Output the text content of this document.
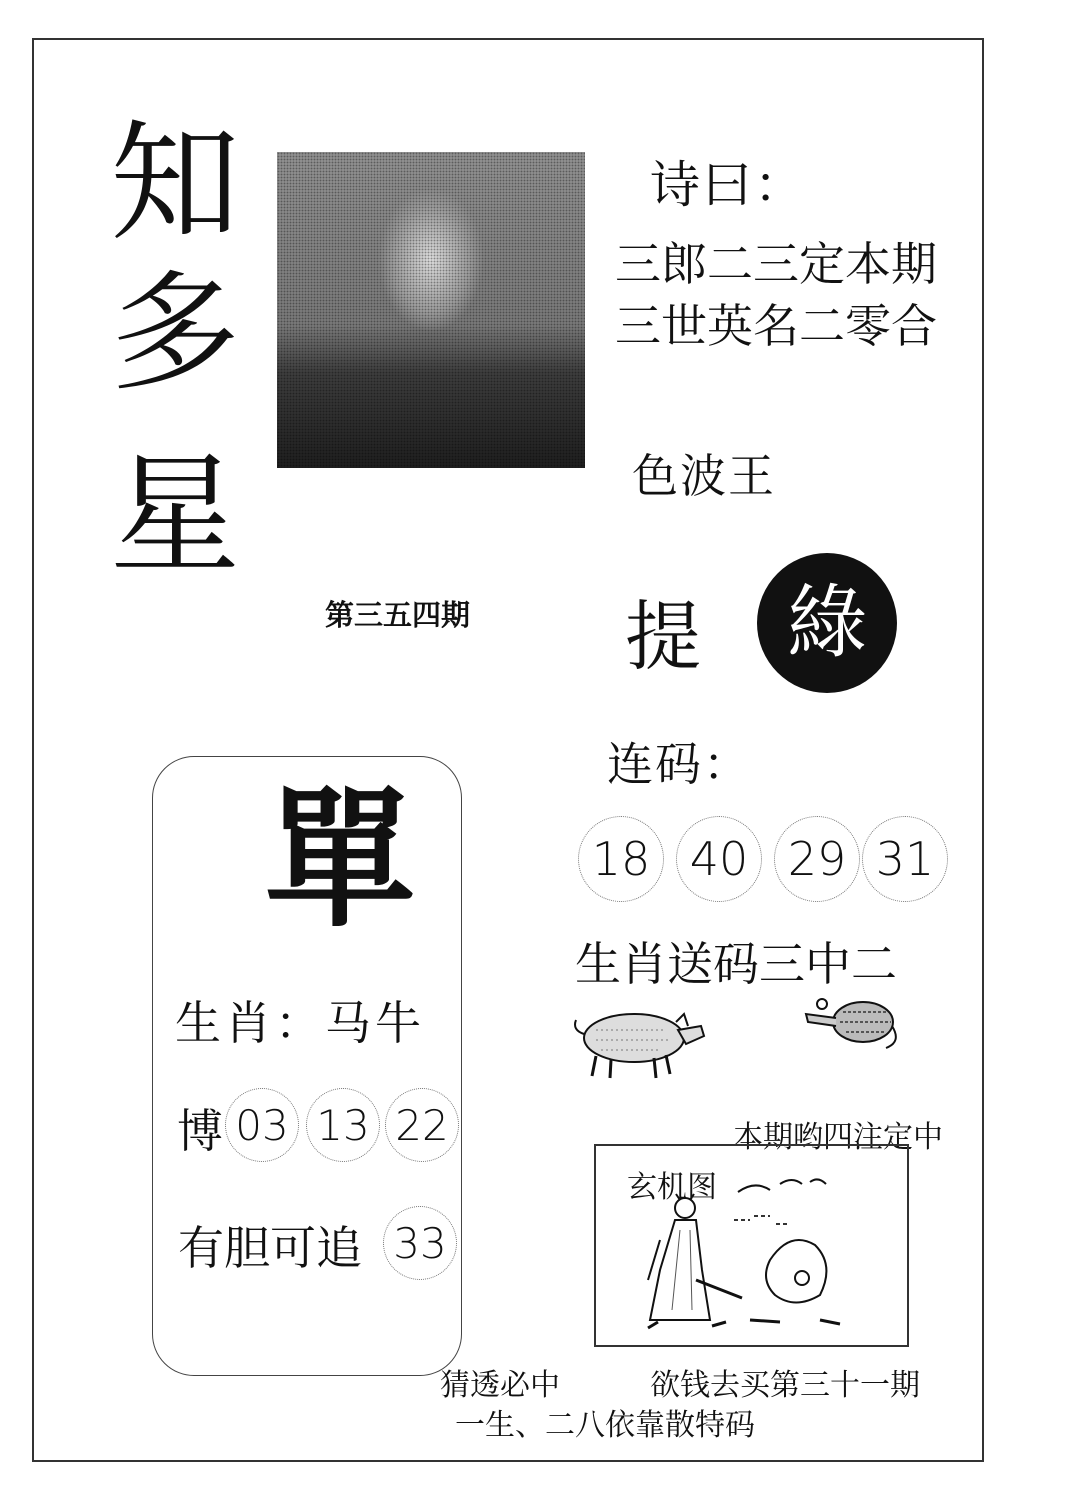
知
多
星
第三五四期
诗曰：
三郎二三定本期
三世英名二零合
色波王
提 綠
连码：
18 40 29 31
生肖送码三中二
單
生肖：马牛
博 03 13 22
有胆可追 33
本期哟四注定中
玄机图
猜透必中	欲钱去买第三十一期
一生、二八依靠散特码
